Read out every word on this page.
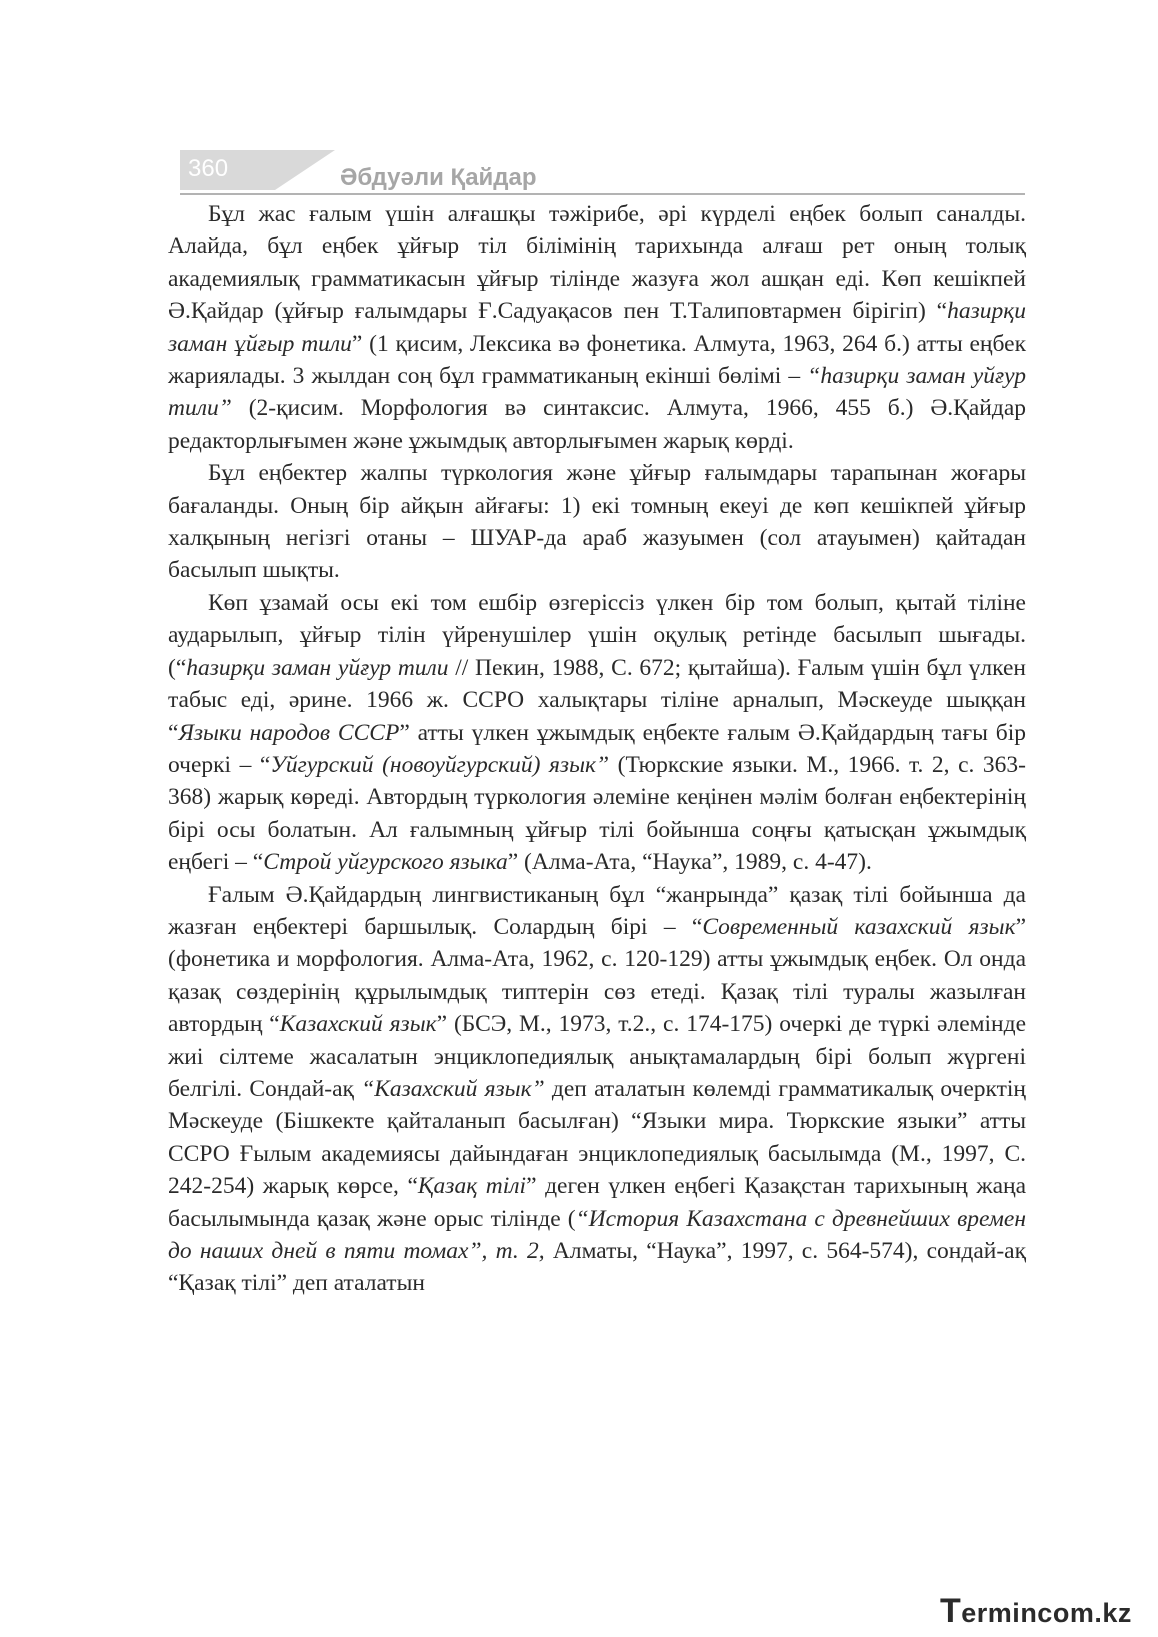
360	Әбдуәли Қайдар

Бұл жас ғалым үшін алғашқы тәжірибе, әрі күрделі еңбек болып саналды. Алайда, бұл еңбек ұйғыр тіл білімінің тарихында алғаш рет оның толық академиялық грамматикасын ұйғыр тілінде жазуға жол ашқан еді. Көп кешікпей Ә.Қайдар (ұйғыр ғалымдары Ғ.Садуақасов пен Т.Талиповтармен бірігіп) “һазирқи заман ұйғыр тили” (1 қисим, Лексика вә фонетика. Алмута, 1963, 264 б.) атты еңбек жариялады. 3 жылдан соң бұл грамматиканың екінші бөлімі – “һазирқи заман уйғур тили” (2-қисим. Морфология вә синтаксис. Алмута, 1966, 455 б.) Ә.Қайдар редакторлығымен және ұжымдық авторлығымен жарық көрді.

Бұл еңбектер жалпы түркология және ұйғыр ғалымдары тарапынан жоғары бағаланды. Оның бір айқын айғағы: 1) екі томның екеуі де көп кешікпей ұйғыр халқының негізгі отаны – ШУАР-да араб жазуымен (сол атауымен) қайтадан басылып шықты.

Көп ұзамай осы екі том ешбір өзгеріссіз үлкен бір том болып, қытай тіліне аударылып, ұйғыр тілін үйренушілер үшін оқулық ретінде басылып шығады. (“һазирқи заман уйғур тили // Пекин, 1988, С. 672; қытайша). Ғалым үшін бұл үлкен табыс еді, әрине. 1966 ж. ССРО халықтары тіліне арналып, Мәскеуде шыққан “Языки народов СССР” атты үлкен ұжымдық еңбекте ғалым Ә.Қайдардың тағы бір очеркі – “Уйгурский (новоуйгурский) язык” (Тюркские языки. М., 1966. т. 2, с. 363-368) жарық көреді. Автордың түркология әлеміне кеңінен мәлім болған еңбектерінің бірі осы болатын. Ал ғалымның ұйғыр тілі бойынша соңғы қатысқан ұжымдық еңбегі – “Строй уйгурского языка” (Алма-Ата, “Наука”, 1989, с. 4-47).

Ғалым Ә.Қайдардың лингвистиканың бұл “жанрында” қазақ тілі бойынша да жазған еңбектері баршылық. Солардың бірі – “Современный казахский язык” (фонетика и морфология. Алма-Ата, 1962, с. 120-129) атты ұжымдық еңбек. Ол онда қазақ сөздерінің құрылымдық типтерін сөз етеді. Қазақ тілі туралы жазылған автордың “Казахский язык” (БСЭ, М., 1973, т.2., с. 174-175) очеркі де түркі әлемінде жиі сілтеме жасалатын энциклопедиялық анықтамалардың бірі болып жүргені белгілі. Сондай-ақ “Казахский язык” деп аталатын көлемді грамматикалық очерктің Мәскеуде (Бішкекте қайталанып басылған) “Языки мира. Тюркские языки” атты ССРО Ғылым академиясы дайындаған энциклопедиялық басылымда (М., 1997, С. 242-254) жарық көрсе, “Қазақ тілі” деген үлкен еңбегі Қазақстан тарихының жаңа басылымында қазақ және орыс тілінде (“История Казахстана с древнейших времен до наших дней в пяти томах”, т. 2, Алматы, “Наука”, 1997, с. 564-574), сондай-ақ “Қазақ тілі” деп аталатын

Termincom.kz
